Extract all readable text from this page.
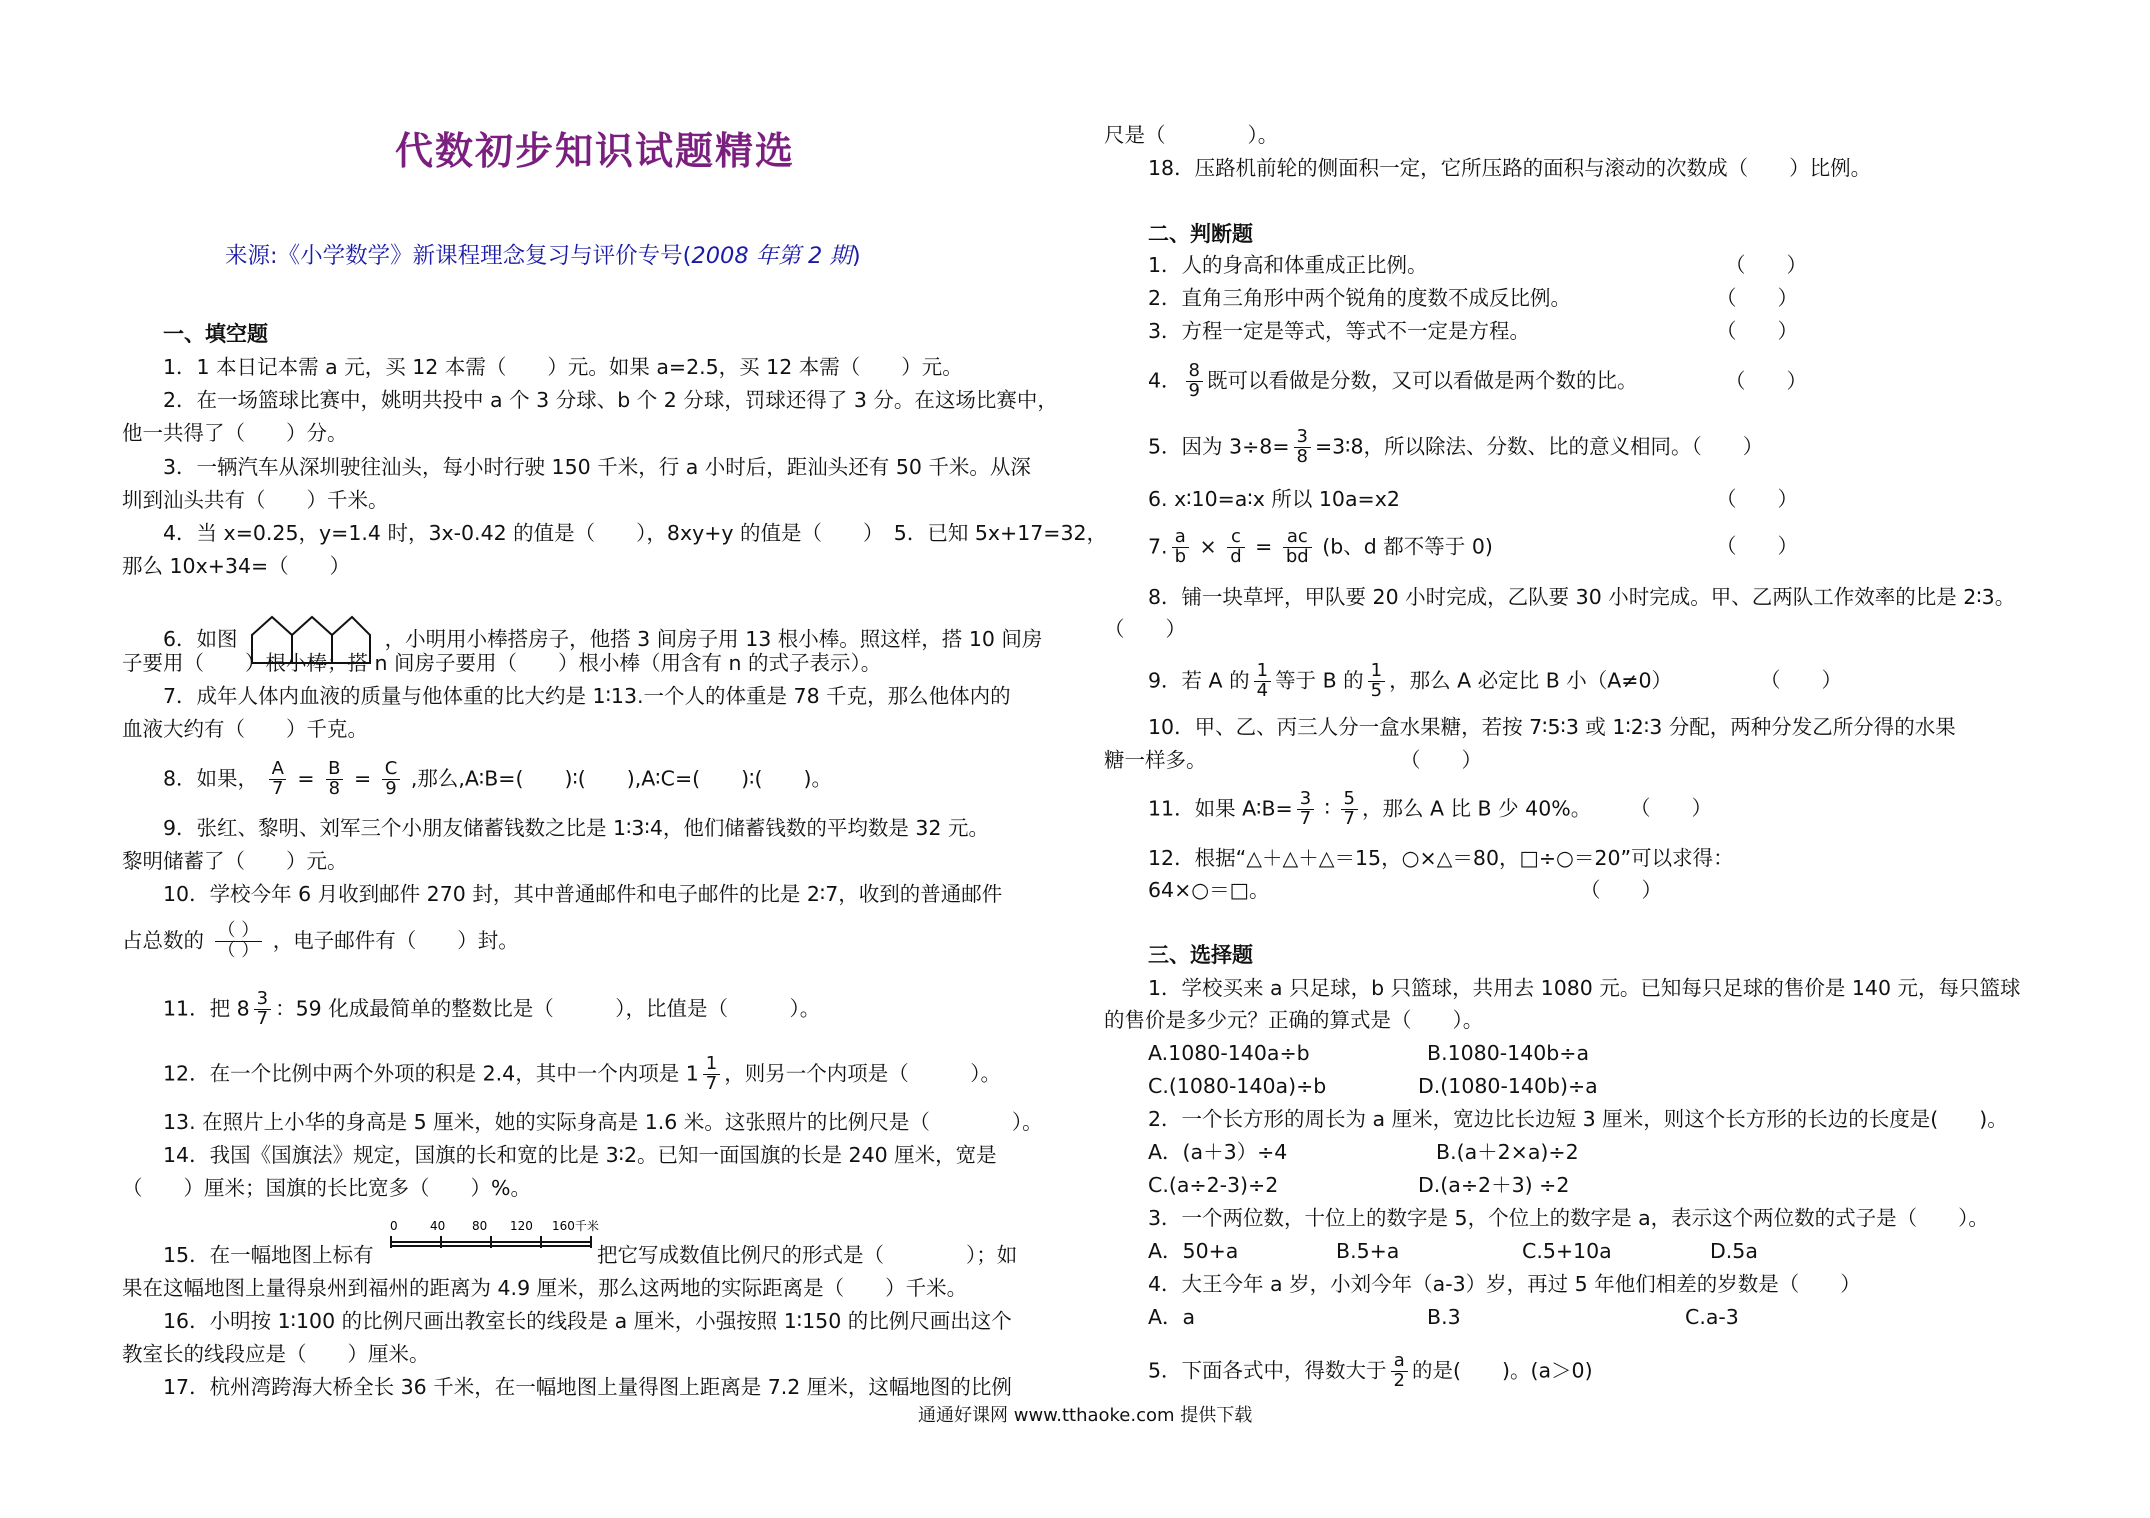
代数初步知识试题精选
来源:《小学数学》新课程理念复习与评价专号(2008 年第 2 期)
一、填空题
1．1 本日记本需 a 元，买 12 本需（　　）元。如果 a=2.5，买 12 本需（　　）元。
2．在一场篮球比赛中，姚明共投中 a 个 3 分球、b 个 2 分球，罚球还得了 3 分。在这场比赛中，
他一共得了（　　）分。
3．一辆汽车从深圳驶往汕头，每小时行驶 150 千米，行 a 小时后，距汕头还有 50 千米。从深
圳到汕头共有（　　）千米。
4．当 x=0.25，y=1.4 时，3x-0.42 的值是（　　），8xy+y 的值是（　　）　5．已知 5x+17=32，
那么 10x+34=（　　）
6．如图	，小明用小棒搭房子，他搭 3 间房子用 13 根小棒。照这样，搭 10 间房
子要用（　　）根小棒；搭 n 间房子要用（　　）根小棒（用含有 n 的式子表示）。
7．成年人体内血液的质量与他体重的比大约是 1∶13.一个人的体重是 78 千克，那么他体内的
血液大约有（　　）千克。
8．如果， $\frac{A}{7} = \frac{B}{8} = \frac{C}{9}$ ,那么,A∶B=(　　)∶(　　),A∶C=(　　)∶(　　)。
9．张红、黎明、刘军三个小朋友储蓄钱数之比是 1∶3∶4，他们储蓄钱数的平均数是 32 元。
黎明储蓄了（　　）元。
10．学校今年 6 月收到邮件 270 封，其中普通邮件和电子邮件的比是 2∶7，收到的普通邮件
占总数的 $\frac{( )}{( )}$ ，电子邮件有（　　）封。
11．把 $8 \frac{3}{7}$ ：59 化成最简单的整数比是（　　　），比值是（　　　）。
12．在一个比例中两个外项的积是 2.4，其中一个内项是 $1 \frac{1}{7}$ ，则另一个内项是（　　　）。
13. 在照片上小华的身高是 5 厘米，她的实际身高是 1.6 米。这张照片的比例尺是（　　　　）。
14．我国《国旗法》规定，国旗的长和宽的比是 3∶2。已知一面国旗的长是 240 厘米，宽是
（　　）厘米；国旗的长比宽多（　　）%。
15．在一幅地图上标有
0	40 80 120 160千米
把它写成数值比例尺的形式是（　　　　）；如
果在这幅地图上量得泉州到福州的距离为 4.9 厘米，那么这两地的实际距离是（　　）千米。
16．小明按 1∶100 的比例尺画出教室长的线段是 a 厘米，小强按照 1∶150 的比例尺画出这个
教室长的线段应是（　　）厘米。
17．杭州湾跨海大桥全长 36 千米，在一幅地图上量得图上距离是 7.2 厘米，这幅地图的比例
尺是（　　　　）。
18．压路机前轮的侧面积一定，它所压路的面积与滚动的次数成（　　）比例。
二、判断题
1．人的身高和体重成正比例。	（　　）
2．直角三角形中两个锐角的度数不成反比例。	（　　）
3．方程一定是等式，等式不一定是方程。	（　　）
4． $\frac{8}{9}$ 既可以看做是分数，又可以看做是两个数的比。	（　　）
5．因为 $3\div 8= \frac{3}{8}$ =3∶8，所以除法、分数、比的意义相同。（　　）
6. x∶10=a∶x 所以 10a=x2	（　　）
7. $\frac{a}{b} \times \frac{c}{d} = \frac{ac}{bd} (b$、d 都不等于 0)	（　　）
8．铺一块草坪，甲队要 20 小时完成，乙队要 30 小时完成。甲、乙两队工作效率的比是 2∶3。
（　　）
9．若 A 的 $\frac{1}{4}$ 等于 B 的 $\frac{1}{5}$ ，那么 A 必定比 B 小（A≠0）	（　　）
10．甲、乙、丙三人分一盒水果糖，若按 7∶5∶3 或 1∶2∶3 分配，两种分发乙所分得的水果
糖一样多。	（　　）
11．如果 A∶B= $\frac{3}{7}$ ∶ $\frac{5}{7}$ ，那么 A 比 B 少 40%。 （　　）
12．根据“△＋△＋△＝15，○×△＝80，□÷○＝20”可以求得：
64×○＝□。	（　　）
三、选择题
1．学校买来 a 只足球，b 只篮球，共用去 1080 元。已知每只足球的售价是 140 元，每只篮球
的售价是多少元？正确的算式是（　　）。
A.1080-140a÷b	B.1080-140b÷a
C.(1080-140a)÷b	D.(1080-140b)÷a
2．一个长方形的周长为 a 厘米，宽边比长边短 3 厘米，则这个长方形的长边的长度是(　　)。
A．(a＋3）÷4	B.(a＋2×a)÷2
C.(a÷2-3)÷2	D.(a÷2＋3) ÷2
3．一个两位数，十位上的数字是 5，个位上的数字是 a，表示这个两位数的式子是（　　）。
A．50+a	B.5+a	C.5+10a	D.5a
4．大王今年 a 岁，小刘今年（a-3）岁，再过 5 年他们相差的岁数是（　　）
A．a	B.3	C.a-3
5．下面各式中，得数大于 $\frac{a}{2}$ 的是(　　)。(a＞0)
通通好课网 www.tthaoke.com 提供下载
